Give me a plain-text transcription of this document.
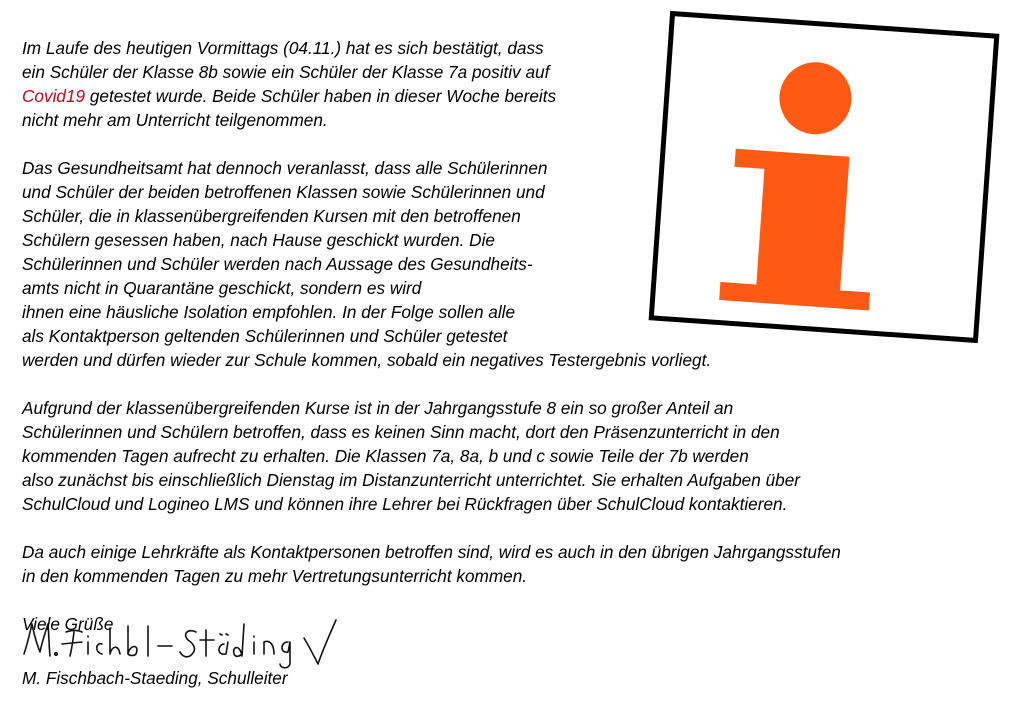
Im Laufe des heutigen Vormittags (04.11.) hat es sich bestätigt, dass
ein Schüler der Klasse 8b sowie ein Schüler der Klasse 7a positiv auf
Covid19 getestet wurde. Beide Schüler haben in dieser Woche bereits
nicht mehr am Unterricht teilgenommen.
Das Gesundheitsamt hat dennoch veranlasst, dass alle Schülerinnen
und Schüler der beiden betroffenen Klassen sowie Schülerinnen und
Schüler, die in klassenübergreifenden Kursen mit den betroffenen
Schülern gesessen haben, nach Hause geschickt wurden. Die
Schülerinnen und Schüler werden nach Aussage des Gesundheits-
amts nicht in Quarantäne geschickt, sondern es wird
ihnen eine häusliche Isolation empfohlen. In der Folge sollen alle
als Kontaktperson geltenden Schülerinnen und Schüler getestet
werden und dürfen wieder zur Schule kommen, sobald ein negatives Testergebnis vorliegt.
Aufgrund der klassenübergreifenden Kurse ist in der Jahrgangsstufe 8 ein so großer Anteil an
Schülerinnen und Schülern betroffen, dass es keinen Sinn macht, dort den Präsenzunterricht in den
kommenden Tagen aufrecht zu erhalten. Die Klassen 7a, 8a, b und c sowie Teile der 7b werden
also zunächst bis einschließlich Dienstag im Distanzunterricht unterrichtet. Sie erhalten Aufgaben über
SchulCloud und Logineo LMS und können ihre Lehrer bei Rückfragen über SchulCloud kontaktieren.
Da auch einige Lehrkräfte als Kontaktpersonen betroffen sind, wird es auch in den übrigen Jahrgangsstufen
in den kommenden Tagen zu mehr Vertretungsunterricht kommen.
Viele Grüße
M. Fischbach-Staeding, Schulleiter
